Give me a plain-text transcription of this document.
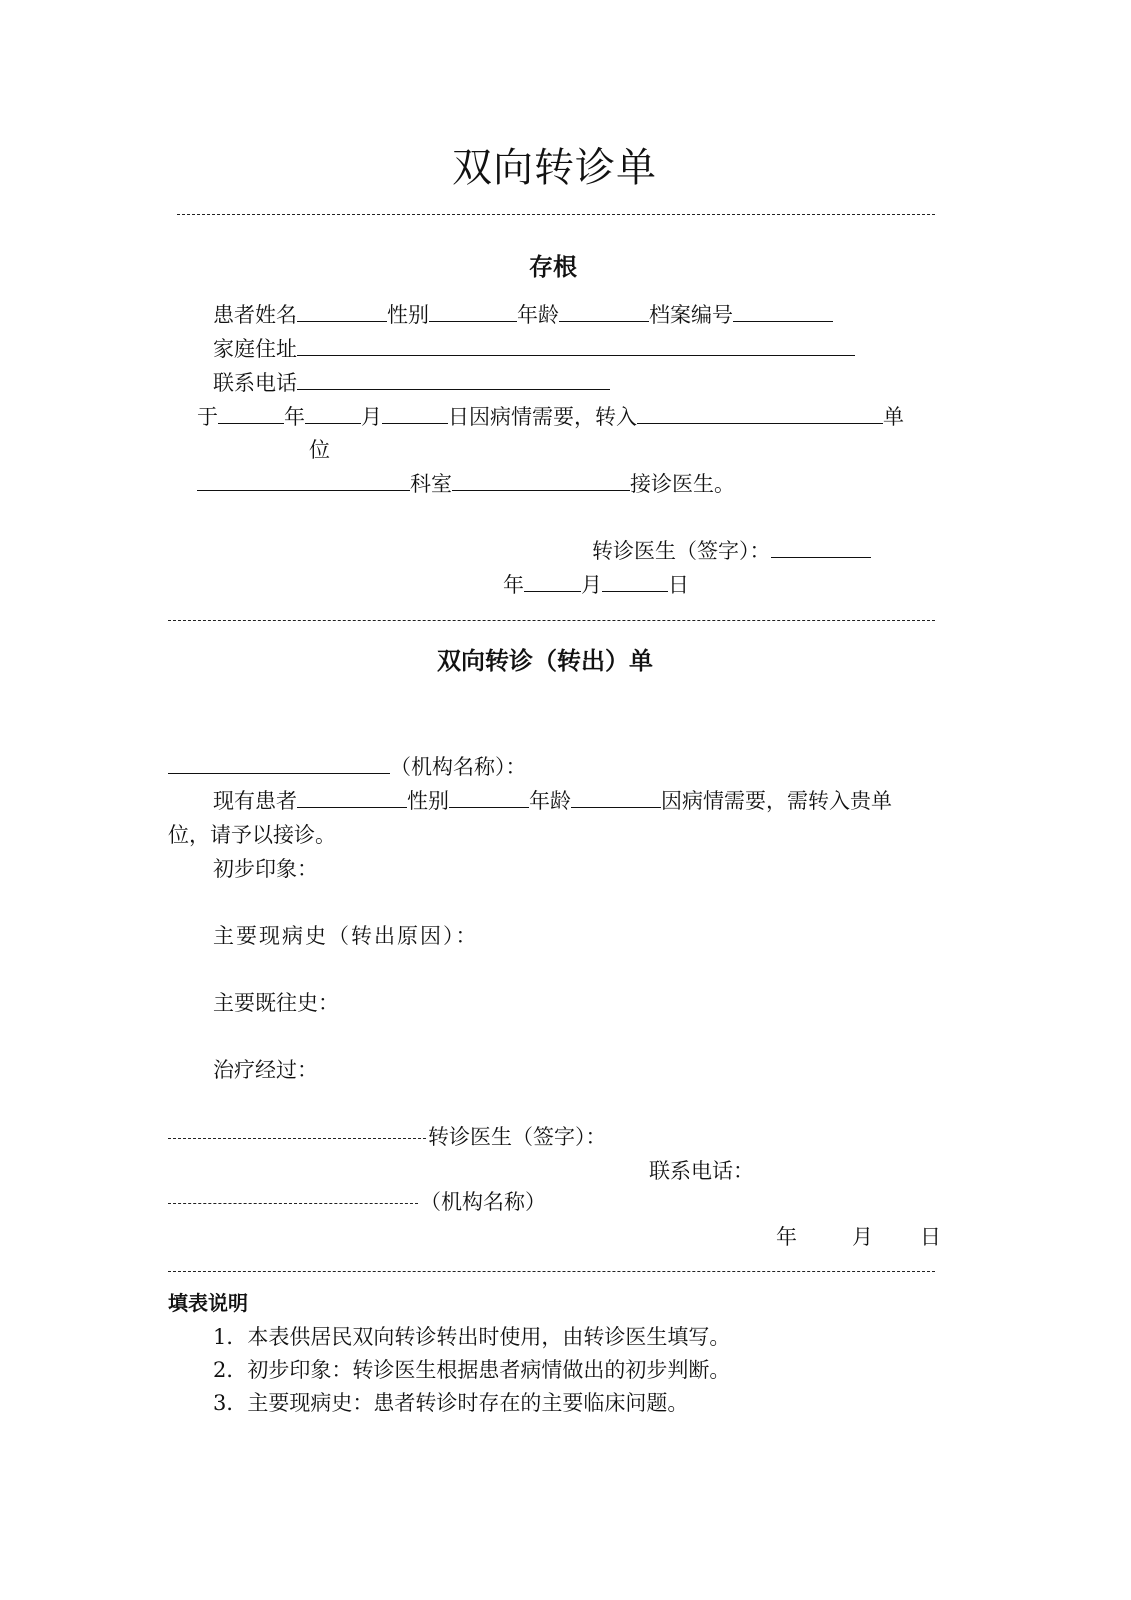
双向转诊单
存根
患者姓名	性别	年龄	档案编号
家庭住址
联系电话
于	年	月	日因病情需要，转入	单
位
科室	接诊医生。
转诊医生（签字）：
年	月	日
双向转诊（转出）单
（机构名称）：
现有患者	性别	年龄	因病情需要，需转入贵单
位，请予以接诊。
初步印象：
主要现病史（转出原因）：
主要既往史：
治疗经过：
转诊医生（签字）：
联系电话：
（机构名称）
年	月 日
填表说明
1．本表供居民双向转诊转出时使用，由转诊医生填写。
2．初步印象：转诊医生根据患者病情做出的初步判断。
3．主要现病史：患者转诊时存在的主要临床问题。
